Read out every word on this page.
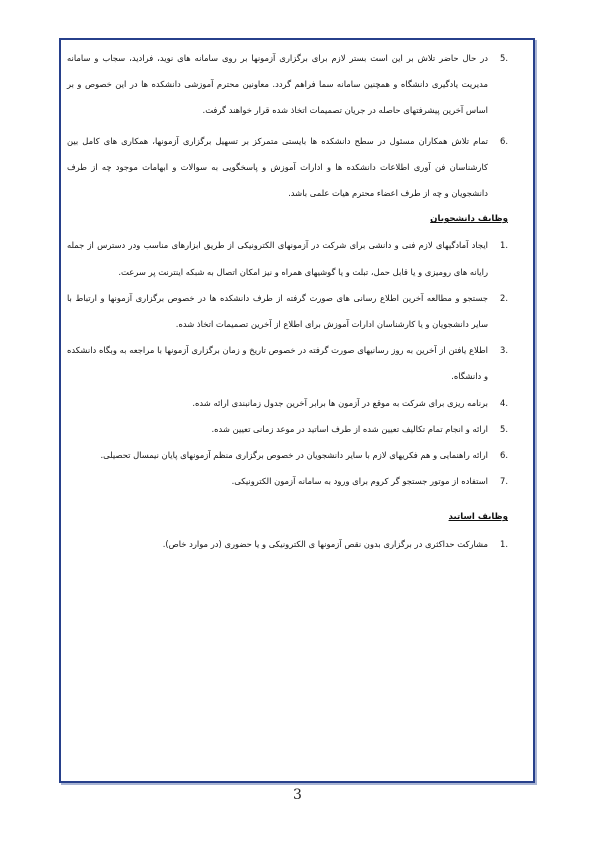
5.
در حال حاضر تلاش بر این است بستر لازم برای برگزاری آزمونها بر روی سامانه های نوید، فرادید، سجاب و سامانه مدیریت یادگیری دانشگاه و همچنین سامانه سما فراهم گردد. معاونین محترم آموزشی دانشکده ها در این خصوص و بر اساس آخرین پیشرفتهای حاصله در جریان تصمیمات اتخاذ شده قرار خواهند گرفت.
6.
تمام تلاش همکاران مسئول در سطح دانشکده ها بایستی متمرکز بر تسهیل برگزاری آزمونها، همکاری های کامل بین کارشناسان فن آوری اطلاعات دانشکده ها و ادارات آموزش و پاسخگویی به سوالات و ابهامات موجود چه از طرف دانشجویان و چه از طرف اعضاء محترم هیات علمی باشد.
وظایف دانشجویان
1.
ایجاد آمادگیهای لازم فنی و دانشی برای شرکت در آزمونهای الکترونیکی از طریق ابزارهای مناسب ودر دسترس از جمله رایانه های رومیزی و یا قابل حمل، تبلت و یا گوشیهای همراه و نیز امکان اتصال به شبکه اینترنت پر سرعت.
2.
جستجو و مطالعه آخرین اطلاع رسانی های صورت گرفته از طرف دانشکده ها در خصوص برگزاری آزمونها و ارتباط با سایر دانشجویان و یا کارشناسان ادارات آموزش برای اطلاع از آخرین تصمیمات اتخاذ شده.
3.
اطلاع یافتن از آخرین به روز رسانیهای صورت گرفته در خصوص تاریخ و زمان برگزاری آزمونها با مراجعه به وبگاه دانشکده و دانشگاه.
4.
برنامه ریزی برای شرکت به موقع در آزمون ها برابر آخرین جدول زمانبندی ارائه شده.
5.
ارائه و انجام تمام تکالیف تعیین شده از طرف اساتید در موعد زمانی تعیین شده.
6.
ارائه راهنمایی و هم فکریهای لازم با سایر دانشجویان در خصوص برگزاری منظم آزمونهای پایان نیمسال تحصیلی.
7.
استفاده از موتور جستجو گر کروم برای ورود به سامانه آزمون الکترونیکی.
وظایف اساتید
1.
مشارکت حداکثری در برگزاری بدون نقص آزمونها ی الکترونیکی و یا حضوری (در موارد خاص).
3
